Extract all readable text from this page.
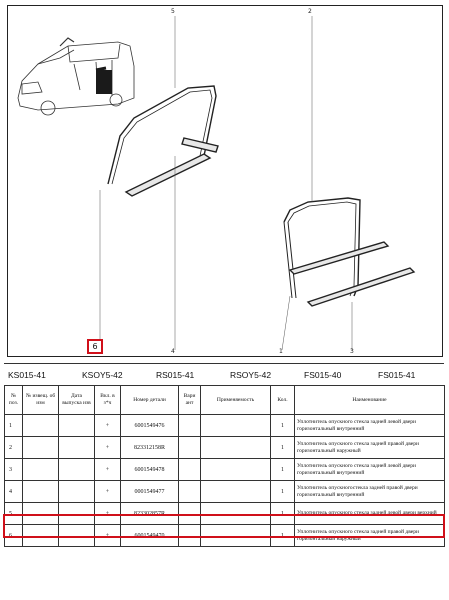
5	2
4	1	3
6
KS015-41	KSOY5-42	RS015-41	RSOY5-42	FS015-40	FS015-41
№ поз.	№ извещ. об изм	Дата выпуска изв	Вкл. в з*ч	Номер детали	Вари ант	Применяемость	Кол.	Наименование
1			+	6001549476			1	Уплотнитель опускного стекла задней левой двери горизонтальный внутренний
2			+	823312158R			1	Уплотнитель опускного стекла задней правой двери горизонтальный наружный
3			+	6001549478			1	Уплотнитель опускного стекла задней левой двери горизонтальный внутренний
4			+	0001549477			1	Уплотнитель опускногостекла задней правой двери горизонтальный внутренний
5			+	823302857R			1	Уплотнитель опускного стекла задней левой двери верхний
6			+	6001549470			1	Уплотнитель опускного стекла задней правой двери горизонтальный наружный
